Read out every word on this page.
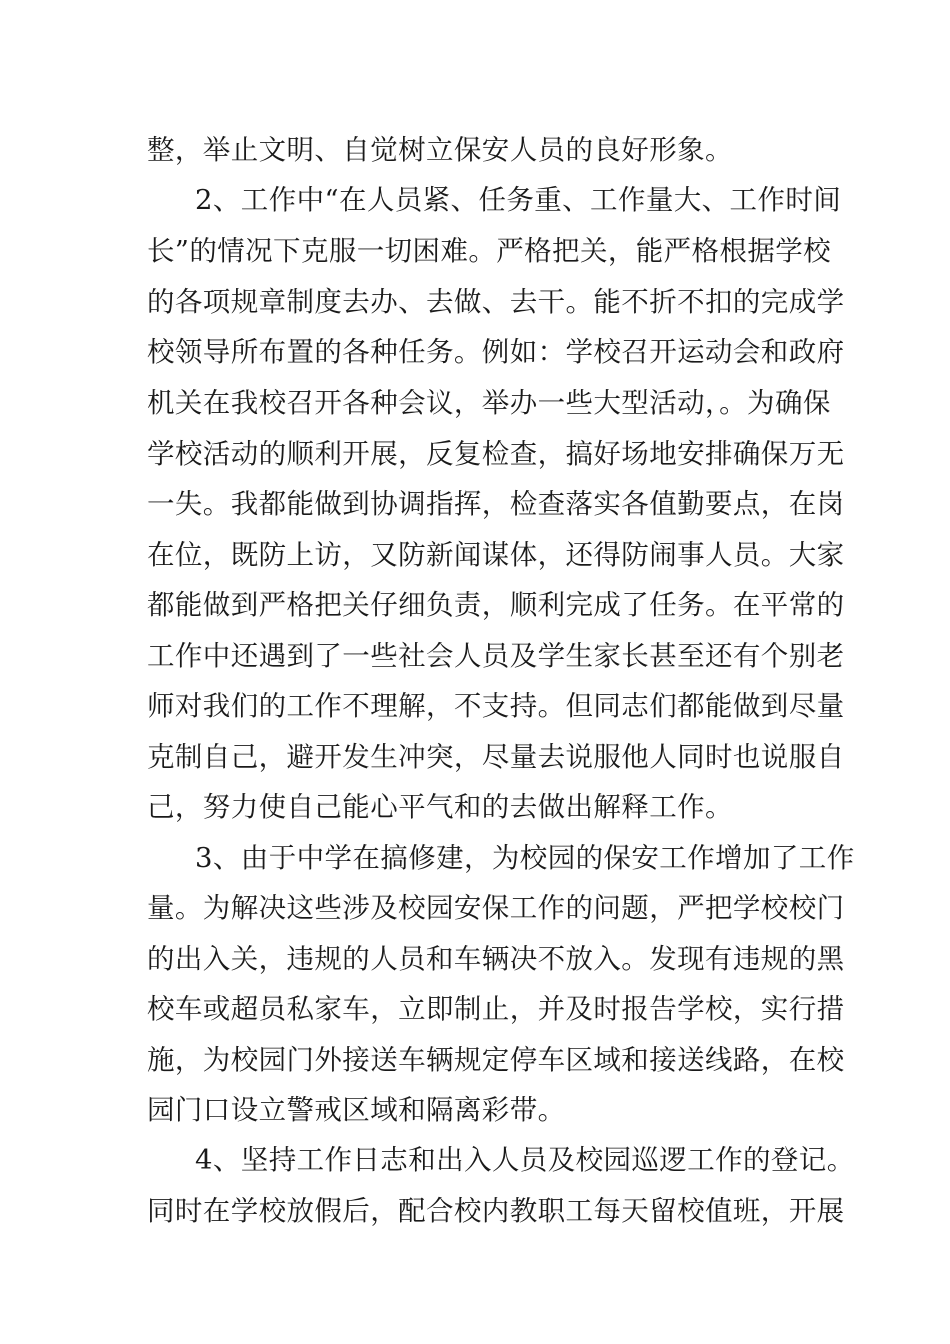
整，举止文明、自觉树立保安人员的良好形象。
2、工作中“在人员紧、任务重、工作量大、工作时间
长”的情况下克服一切困难。严格把关，能严格根据学校
的各项规章制度去办、去做、去干。能不折不扣的完成学
校领导所布置的各种任务。例如：学校召开运动会和政府
机关在我校召开各种会议，举办一些大型活动，。为确保
学校活动的顺利开展，反复检查，搞好场地安排确保万无
一失。我都能做到协调指挥，检查落实各值勤要点，在岗
在位，既防上访，又防新闻谋体，还得防闹事人员。大家
都能做到严格把关仔细负责，顺利完成了任务。在平常的
工作中还遇到了一些社会人员及学生家长甚至还有个别老
师对我们的工作不理解，不支持。但同志们都能做到尽量
克制自己，避开发生冲突，尽量去说服他人同时也说服自
己，努力使自己能心平气和的去做出解释工作。
3、由于中学在搞修建，为校园的保安工作增加了工作
量。为解决这些涉及校园安保工作的问题，严把学校校门
的出入关，违规的人员和车辆决不放入。发现有违规的黑
校车或超员私家车，立即制止，并及时报告学校，实行措
施，为校园门外接送车辆规定停车区域和接送线路，在校
园门口设立警戒区域和隔离彩带。
4、坚持工作日志和出入人员及校园巡逻工作的登记。
同时在学校放假后，配合校内教职工每天留校值班，开展
